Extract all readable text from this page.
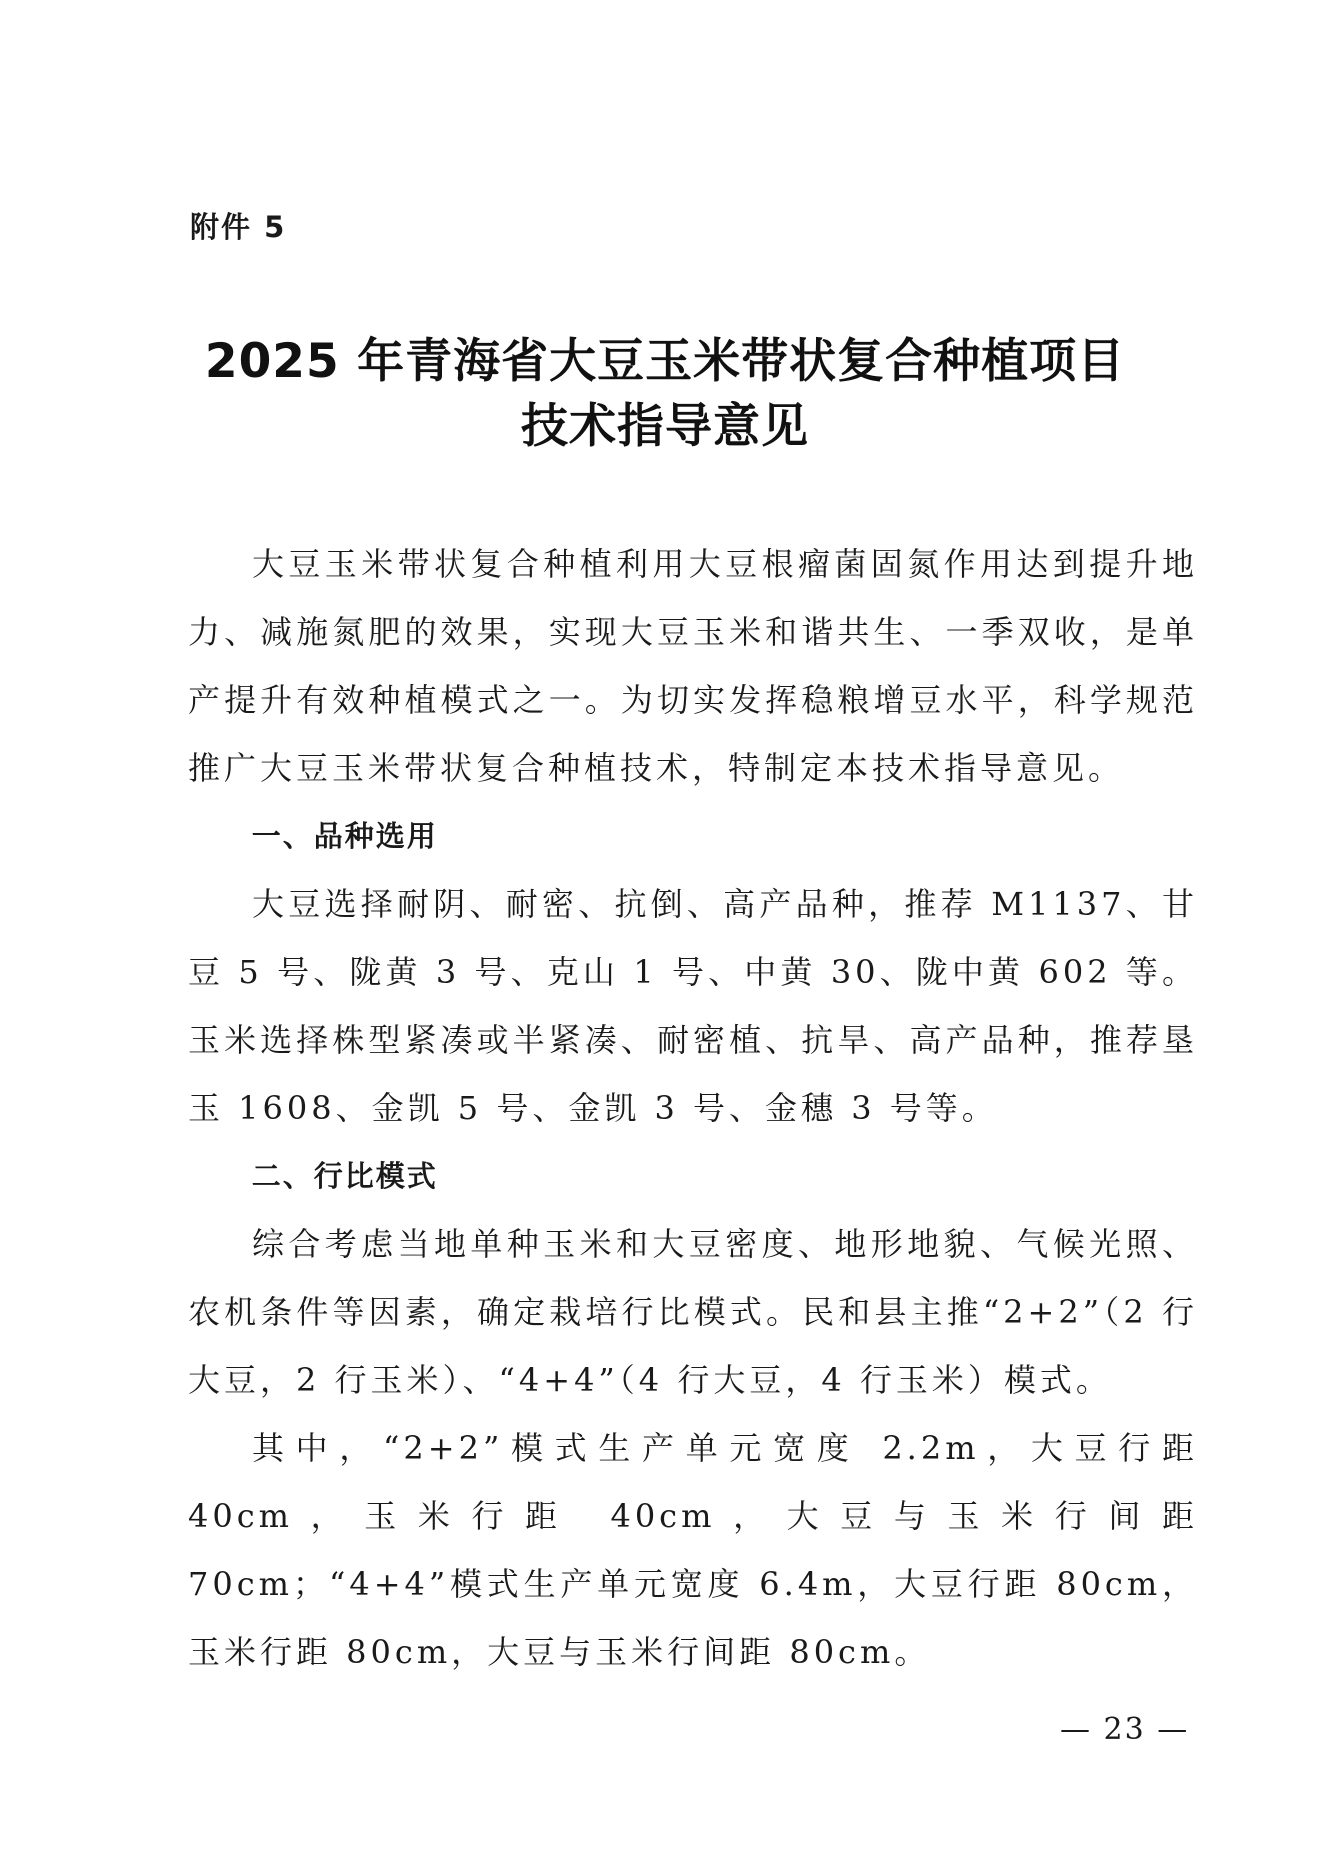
附件 5
2025 年青海省大豆玉米带状复合种植项目
技术指导意见

大豆玉米带状复合种植利用大豆根瘤菌固氮作用达到提升地力、减施氮肥的效果，实现大豆玉米和谐共生、一季双收，是单产提升有效种植模式之一。为切实发挥稳粮增豆水平，科学规范推广大豆玉米带状复合种植技术，特制定本技术指导意见。

一、品种选用

大豆选择耐阴、耐密、抗倒、高产品种，推荐 M1137、甘豆 5 号、陇黄 3 号、克山 1 号、中黄 30、陇中黄 602 等。玉米选择株型紧凑或半紧凑、耐密植、抗旱、高产品种，推荐垦玉 1608、金凯 5 号、金凯 3 号、金穗 3 号等。

二、行比模式

综合考虑当地单种玉米和大豆密度、地形地貌、气候光照、农机条件等因素，确定栽培行比模式。民和县主推“2+2”（2 行大豆，2 行玉米）、“4+4”（4 行大豆，4 行玉米）模式。

其中，“2+2”模式生产单元宽度 2.2m，大豆行距 40cm，玉米行距 40cm，大豆与玉米行间距 70cm；“4+4”模式生产单元宽度 6.4m，大豆行距 80cm，玉米行距 80cm，大豆与玉米行间距 80cm。

— 23 —
